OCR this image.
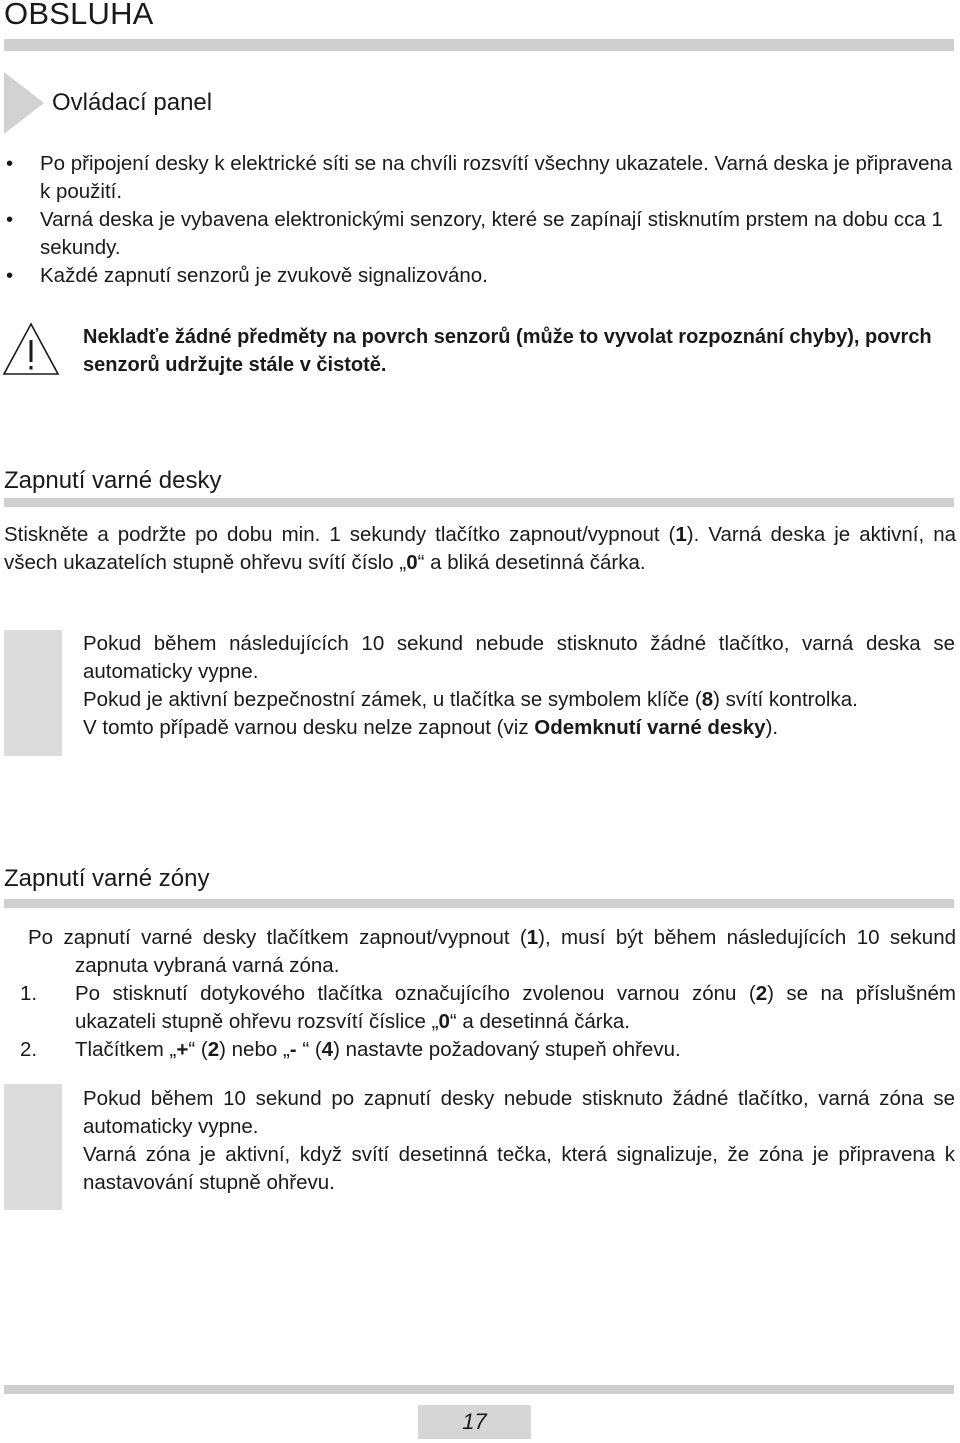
OBSLUHA
Ovládací panel
• Po připojení desky k elektrické síti se na chvíli rozsvítí všechny ukazatele. Varná deska je připravena k použití.
• Varná deska je vybavena elektronickými senzory, které se zapínají stisknutím prstem na dobu cca 1 sekundy.
• Každé zapnutí senzorů je zvukově signalizováno.
Nekladťe žádné předměty na povrch senzorů (může to vyvolat rozpoznání chyby), povrch senzorů udržujte stále v čistotě.
Zapnutí varné desky
Stiskněte a podržte po dobu min. 1 sekundy tlačítko zapnout/vypnout (1). Varná deska je aktivní, na všech ukazatelích stupně ohřevu svítí číslo „0“ a bliká desetinná čárka.

Pokud během následujících 10 sekund nebude stisknuto žádné tlačítko, varná deska se automaticky vypne.

Pokud je aktivní bezpečnostní zámek, u tlačítka se symbolem klíče (8) svítí kontrolka.

V tomto případě varnou desku nelze zapnout (viz Odemknutí varné desky).

Zapnutí varné zóny
Po zapnutí varné desky tlačítkem zapnout/vypnout (1), musí být během následujících 10 sekund zapnuta vybraná varná zóna.
1. Po stisknutí dotykového tlačítka označujícího zvolenou varnou zónu (2) se na příslušném ukazateli stupně ohřevu rozsvítí číslice „0“ a desetinná čárka.
2. Tlačítkem „+“ (2) nebo „- “ (4) nastavte požadovaný stupeň ohřevu.

Pokud během 10 sekund po zapnutí desky nebude stisknuto žádné tlačítko, varná zóna se automaticky vypne.

Varná zóna je aktivní, když svítí desetinná tečka, která signalizuje, že zóna je připravena k nastavování stupně ohřevu.

17
